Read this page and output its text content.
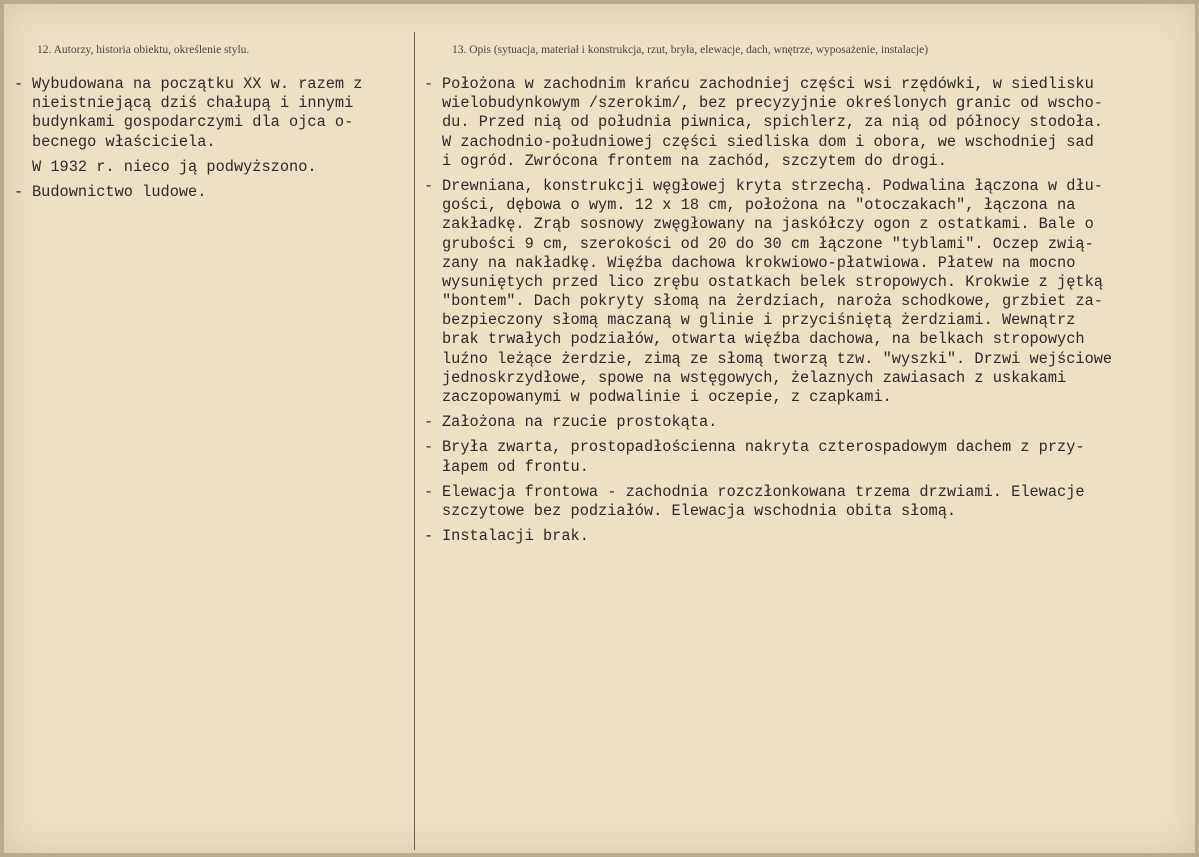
12. Autorzy, historia obiektu, określenie stylu.	13. Opis (sytuacja, materiał i konstrukcja, rzut, bryła, elewacje, dach, wnętrze, wyposażenie, instalacje)
- Wybudowana na początku XX w. razem z
nieistniejącą dziś chałupą i innymi
budynkami gospodarczymi dla ojca o-
becnego właściciela.
W 1932 r. nieco ją podwyższono.
- Budownictwo ludowe.
- Położona w zachodnim krańcu zachodniej części wsi rzędówki, w siedlisku
wielobudynkowym /szerokim/, bez precyzyjnie określonych granic od wscho-
du. Przed nią od południa piwnica, spichlerz, za nią od północy stodoła.
W zachodnio-południowej części siedliska dom i obora, we wschodniej sad
i ogród. Zwrócona frontem na zachód, szczytem do drogi.
- Drewniana, konstrukcji węgłowej kryta strzechą. Podwalina łączona w dłu-
gości, dębowa o wym. 12 x 18 cm, położona na "otoczakach", łączona na
zakładkę. Zrąb sosnowy zwęgłowany na jaskółczy ogon z ostatkami. Bale o
grubości 9 cm, szerokości od 20 do 30 cm łączone "tyblami". Oczep zwią-
zany na nakładkę. Więźba dachowa krokwiowo-płatwiowa. Płatew na mocno
wysuniętych przed lico zrębu ostatkach belek stropowych. Krokwie z jętką
"bontem". Dach pokryty słomą na żerdziach, naroża schodkowe, grzbiet za-
bezpieczony słomą maczaną w glinie i przyciśniętą żerdziami. Wewnątrz
brak trwałych podziałów, otwarta więźba dachowa, na belkach stropowych
luźno leżące żerdzie, zimą ze słomą tworzą tzw. "wyszki". Drzwi wejściowe
jednoskrzydłowe, spowe na wstęgowych, żelaznych zawiasach z uskakami
zaczopowanymi w podwalinie i oczepie, z czapkami.
- Założona na rzucie prostokąta.
- Bryła zwarta, prostopadłościenna nakryta czterospadowym dachem z przy-
łapem od frontu.
- Elewacja frontowa - zachodnia rozczłonkowana trzema drzwiami. Elewacje
szczytowe bez podziałów. Elewacja wschodnia obita słomą.
- Instalacji brak.
